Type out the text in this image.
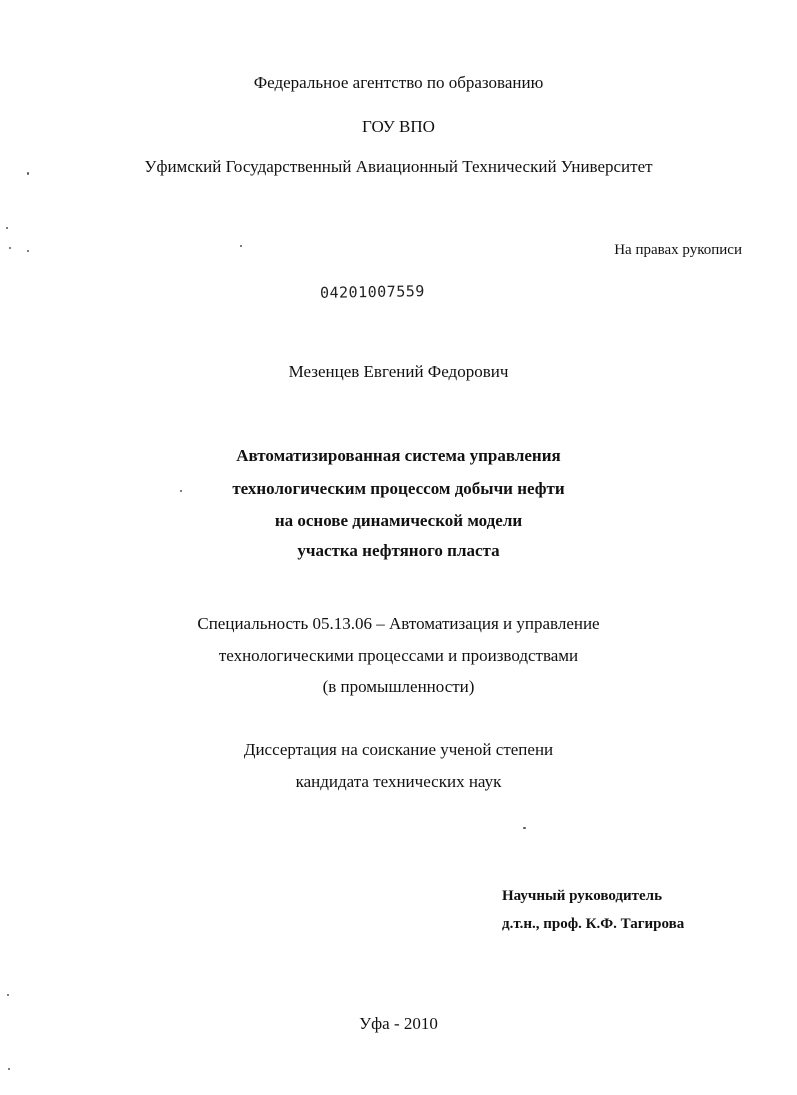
Федеральное агентство по образованию
ГОУ ВПО
Уфимский Государственный Авиационный Технический Университет
На правах рукописи
04201007559
Мезенцев Евгений Федорович
Автоматизированная система управления
технологическим процессом добычи нефти
на основе динамической модели
участка нефтяного пласта
Специальность 05.13.06 – Автоматизация и управление
технологическими процессами и производствами
(в промышленности)
Диссертация на соискание ученой степени
кандидата технических наук
Научный руководитель
д.т.н., проф. К.Ф. Тагирова
Уфа - 2010
